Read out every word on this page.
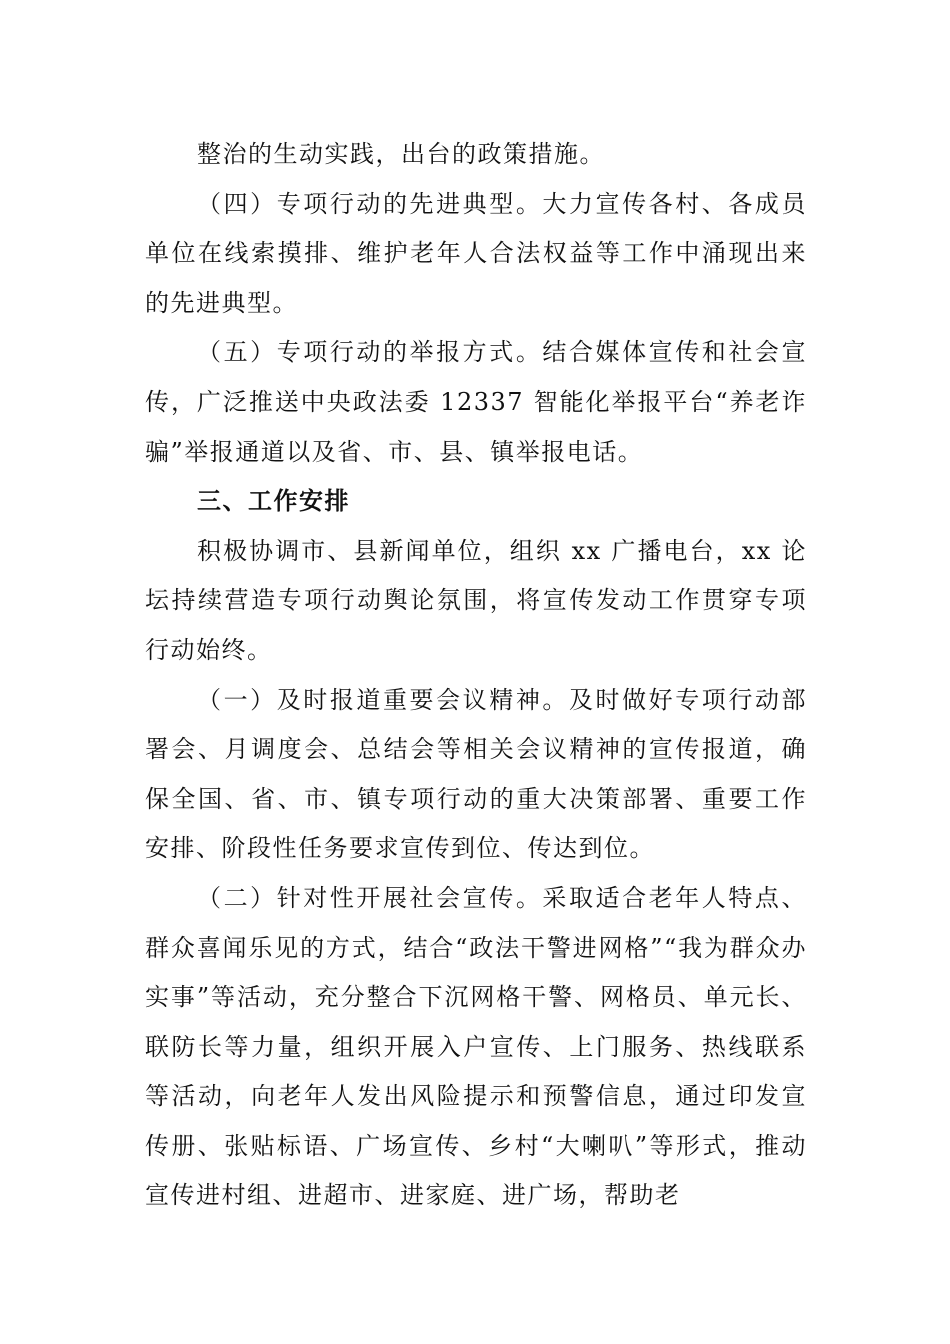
整治的生动实践，出台的政策措施。

（四）专项行动的先进典型。大力宣传各村、各成员单位在线索摸排、维护老年人合法权益等工作中涌现出来的先进典型。

（五）专项行动的举报方式。结合媒体宣传和社会宣传，广泛推送中央政法委 12337 智能化举报平台“养老诈骗”举报通道以及省、市、县、镇举报电话。

三、工作安排

积极协调市、县新闻单位，组织 xx 广播电台，xx 论坛持续营造专项行动舆论氛围，将宣传发动工作贯穿专项行动始终。

（一）及时报道重要会议精神。及时做好专项行动部署会、月调度会、总结会等相关会议精神的宣传报道，确保全国、省、市、镇专项行动的重大决策部署、重要工作安排、阶段性任务要求宣传到位、传达到位。

（二）针对性开展社会宣传。采取适合老年人特点、群众喜闻乐见的方式，结合“政法干警进网格”“我为群众办实事”等活动，充分整合下沉网格干警、网格员、单元长、联防长等力量，组织开展入户宣传、上门服务、热线联系等活动，向老年人发出风险提示和预警信息，通过印发宣传册、张贴标语、广场宣传、乡村“大喇叭”等形式，推动宣传进村组、进超市、进家庭、进广场，帮助老
